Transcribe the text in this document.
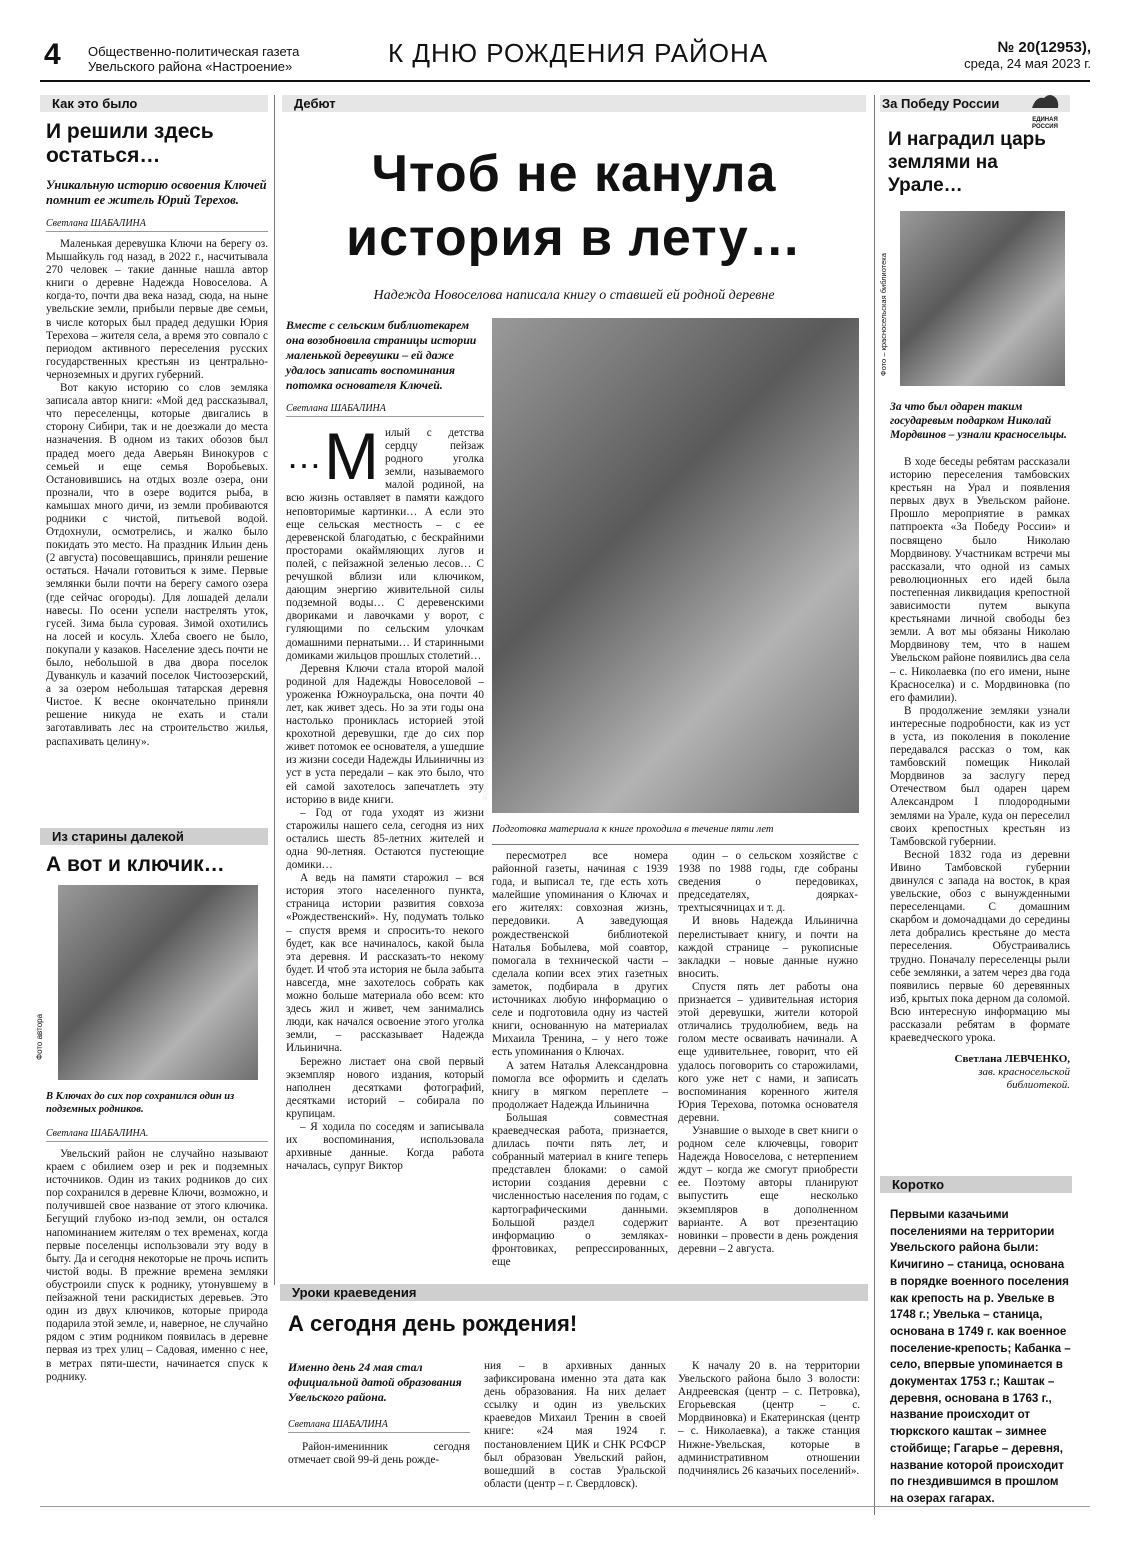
4 Общественно-политическая газета
Увельского района «Настроение»	К ДНЮ РОЖДЕНИЯ РАЙОНА	№ 20(12953),
среда, 24 мая 2023 г.
Как это было
И решили здесь остаться…
Уникальную историю освоения Ключей помнит ее житель Юрий Терехов.
Светлана ШАБАЛИНА

Маленькая деревушка Ключи на берегу оз. Мышайкуль год назад, в 2022 г., насчитывала 270 человек – такие данные нашла автор книги о деревне Надежда Новоселова. А когда-то, почти два века назад, сюда, на ныне увельские земли, прибыли первые две семьи, в числе которых был прадед дедушки Юрия Терехова – жителя села, а время это совпало с периодом активного переселения русских государственных крестьян из центрально-черноземных и других губерний.

Вот какую историю со слов земляка записала автор книги: «Мой дед рассказывал, что переселенцы, которые двигались в сторону Сибири, так и не доезжали до места назначения. В одном из таких обозов был прадед моего деда Аверьян Винокуров с семьей и еще семья Воробьевых. Остановившись на отдых возле озера, они прознали, что в озере водится рыба, в камышах много дичи, из земли пробиваются родники с чистой, питьевой водой. Отдохнули, осмотрелись, и жалко было покидать это место. На праздник Ильин день (2 августа) посовещавшись, приняли решение остаться. Начали готовиться к зиме. Первые землянки были почти на берегу самого озера (где сейчас огороды). Для лошадей делали навесы. По осени успели настрелять уток, гусей. Зима была суровая. Зимой охотились на лосей и косуль. Хлеба своего не было, покупали у казаков. Население здесь почти не было, небольшой в два двора поселок Дуванкуль и казачий поселок Чистоозерский, а за озером небольшая татарская деревня Чистое. К весне окончательно приняли решение никуда не ехать и стали заготавливать лес на строительство жилья, распахивать целину».

Из старины далекой
А вот и ключик…
Фото автора
В Ключах до сих пор сохранился один из подземных родников.
Светлана ШАБАЛИНА.

Увельский район не случайно называют краем с обилием озер и рек и подземных источников. Один из таких родников до сих пор сохранился в деревне Ключи, возможно, и получившей свое название от этого ключика. Бегущий глубоко из-под земли, он остался напоминанием жителям о тех временах, когда первые поселенцы использовали эту воду в быту. Да и сегодня некоторые не прочь испить чистой воды. В прежние времена земляки обустроили спуск к роднику, утонувшему в пейзажной тени раскидистых деревьев. Это один из двух ключиков, которые природа подарила этой земле, и, наверное, не случайно рядом с этим родником появилась в деревне первая из трех улиц – Садовая, именно с нее, в метрах пяти-шести, начинается спуск к роднику.

Дебют
Чтоб не канула
история в лету…
Надежда Новоселова написала книгу о ставшей ей родной деревне
Вместе с сельским библиотекарем она возобновила страницы истории маленькой деревушки – ей даже удалось записать воспоминания потомка основателя Ключей.
Светлана ШАБАЛИНА
… М илый с детства сердцу пейзаж родного уголка земли, называемого малой родиной, на всю жизнь оставляет в памяти каждого неповторимые картинки… А если это еще сельская местность – с ее деревенской благодатью, с бескрайними просторами окаймляющих лугов и полей, с пейзажной зеленью лесов… С речушкой вблизи или ключиком, дающим энергию живительной силы подземной воды… С деревенскими двориками и лавочками у ворот, с гуляющими по сельским улочкам домашними пернатыми… И старинными домиками жильцов прошлых столетий…

Деревня Ключи стала второй малой родиной для Надежды Новоселовой – уроженка Южноуральска, она почти 40 лет, как живет здесь. Но за эти годы она настолько прониклась историей этой крохотной деревушки, где до сих пор живет потомок ее основателя, а ушедшие из жизни соседи Надежды Ильиничны из уст в уста передали – как это было, что ей самой захотелось запечатлеть эту историю в виде книги.

– Год от года уходят из жизни старожилы нашего села, сегодня из них остались шесть 85-летних жителей и одна 90-летняя. Остаются пустеющие домики…

А ведь на памяти старожил – вся история этого населенного пункта, страница истории развития совхоза «Рождественский». Ну, подумать только – спустя время и спросить-то некого будет, как все начиналось, какой была эта деревня. И рассказать-то некому будет. И чтоб эта история не была забыта навсегда, мне захотелось собрать как можно больше материала обо всем: кто здесь жил и живет, чем занимались люди, как начался освоение этого уголка земли, – рассказывает Надежда Ильинична.

Бережно листает она свой первый экземпляр нового издания, который наполнен десятками фотографий, десятками историй – собирала по крупицам.

– Я ходила по соседям и записывала их воспоминания, использовала архивные данные. Когда работа началась, супруг Виктор

Фото автора
Подготовка материала к книге проходила в течение пяти лет

пересмотрел все номера районной газеты, начиная с 1939 года, и выписал те, где есть хоть малейшие упоминания о Ключах и его жителях: совхозная жизнь, передовики. А заведующая рождественской библиотекой Наталья Бобылева, мой соавтор, помогала в технической части – сделала копии всех этих газетных заметок, подбирала в других источниках любую информацию о селе и подготовила одну из частей книги, основанную на материалах Михаила Тренина, – у него тоже есть упоминания о Ключах.

А затем Наталья Александровна помогла все оформить и сделать книгу в мягком переплете – продолжает Надежда Ильинична

Большая совместная краеведческая работа, признается, длилась почти пять лет, и собранный материал в книге теперь представлен блоками: о самой истории создания деревни с численностью населения по годам, с картографическими данными. Большой раздел содержит информацию о земляках-фронтовиках, репрессированных, еще

один – о сельском хозяйстве с 1938 по 1988 годы, где собраны сведения о передовиках, председателях, доярках-трехтысячницах и т. д.

И вновь Надежда Ильинична перелистывает книгу, и почти на каждой странице – рукописные закладки – новые данные нужно вносить.

Спустя пять лет работы она признается – удивительная история этой деревушки, жители которой отличались трудолюбием, ведь на голом месте осваивать начинали. А еще удивительнее, говорит, что ей удалось поговорить со старожилами, кого уже нет с нами, и записать воспоминания коренного жителя Юрия Терехова, потомка основателя деревни.

Узнавшие о выходе в свет книги о родном селе ключевцы, говорит Надежда Новоселова, с нетерпением ждут – когда же смогут приобрести ее. Поэтому авторы планируют выпустить еще несколько экземпляров в дополненном варианте. А вот презентацию новинки – провести в день рождения деревни – 2 августа.

Уроки краеведения
А сегодня день рождения!
Именно день 24 мая стал официальной датой образования Увельского района.
Светлана ШАБАЛИНА

Район-именинник сегодня отмечает свой 99-й день рожде-

ния – в архивных данных зафиксирована именно эта дата как день образования. На них делает ссылку и один из увельских краеведов Михаил Тренин в своей книге: «24 мая 1924 г. постановлением ЦИК и СНК РСФСР был образован Увельский район, вошедший в состав Уральской области (центр – г. Свердловск).

К началу 20 в. на территории Увельского района было 3 волости: Андреевская (центр – с. Петровка), Егорьевская (центр – с. Мордвиновка) и Екатеринская (центр – с. Николаевка), а также станция Нижне-Увельская, которые в административном отношении подчинялись 26 казачьих поселений».

За Победу России
И наградил царь землями на Урале…
Фото – красносельская библиотека
За что был одарен таким государевым подарком Николай Мордвинов – узнали красносельцы.

В ходе беседы ребятам рассказали историю переселения тамбовских крестьян на Урал и появления первых двух в Увельском районе. Прошло мероприятие в рамках патпроекта «За Победу России» и посвящено было Николаю Мордвинову. Участникам встречи мы рассказали, что одной из самых революционных его идей была постепенная ликвидация крепостной зависимости путем выкупа крестьянами личной свободы без земли. А вот мы обязаны Николаю Мордвинову тем, что в нашем Увельском районе появились два села – с. Николаевка (по его имени, ныне Красноселка) и с. Мордвиновка (по его фамилии).

В продолжение земляки узнали интересные подробности, как из уст в уста, из поколения в поколение передавался рассказ о том, как тамбовский помещик Николай Мордвинов за заслугу перед Отечеством был одарен царем Александром I плодородными землями на Урале, куда он переселил своих крепостных крестьян из Тамбовской губернии.

Весной 1832 года из деревни Ивино Тамбовской губернии двинулся с запада на восток, в края увельские, обоз с вынужденными переселенцами. С домашним скарбом и домочадцами до середины лета добрались крестьяне до места переселения. Обустраивались трудно. Поначалу переселенцы рыли себе землянки, а затем через два года появились первые 60 деревянных изб, крытых пока дерном да соломой. Всю интересную информацию мы рассказали ребятам в формате краеведческого урока.

Светлана ЛЕВЧЕНКО,
зав. красносельской
библиотекой.
ЕДИНАЯ РОССИЯ
Коротко
Первыми казачьими поселениями на территории Увельского района были: Кичигино – станица, основана в порядке военного поселения как крепость на р. Увельке в 1748 г.; Увелька – станица, основана в 1749 г. как военное поселение-крепость; Кабанка – село, впервые упоминается в документах 1753 г.; Каштак – деревня, основана в 1763 г., название происходит от тюркского каштак – зимнее стойбище; Гагарье – деревня, название которой происходит по гнездившимся в прошлом на озерах гагарах.
